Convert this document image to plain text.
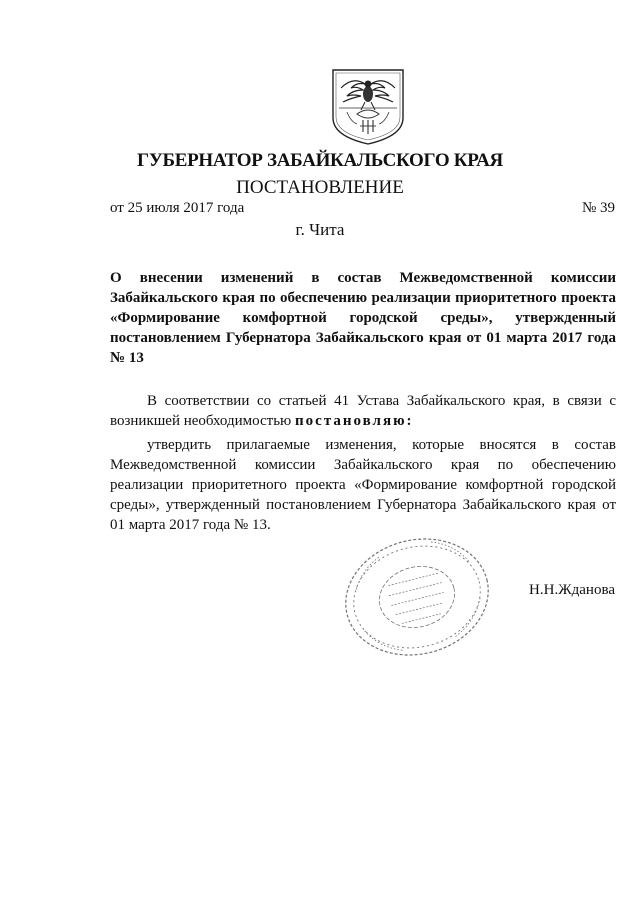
ГУБЕРНАТОР ЗАБАЙКАЛЬСКОГО КРАЯ
ПОСТАНОВЛЕНИЕ
от 25 июля 2017 года	№ 39
г. Чита
О внесении изменений в состав Межведомственной комиссии Забайкальского края по обеспечению реализации приоритетного проекта «Формирование комфортной городской среды», утвержденный постановлением Губернатора Забайкальского края от 01 марта 2017 года № 13
В соответствии со статьей 41 Устава Забайкальского края, в связи с возникшей необходимостью постановляю:
утвердить прилагаемые изменения, которые вносятся в состав Межведомственной комиссии Забайкальского края по обеспечению реализации приоритетного проекта «Формирование комфортной городской среды», утвержденный постановлением Губернатора Забайкальского края от 01 марта 2017 года № 13.
Н.Н.Жданова
